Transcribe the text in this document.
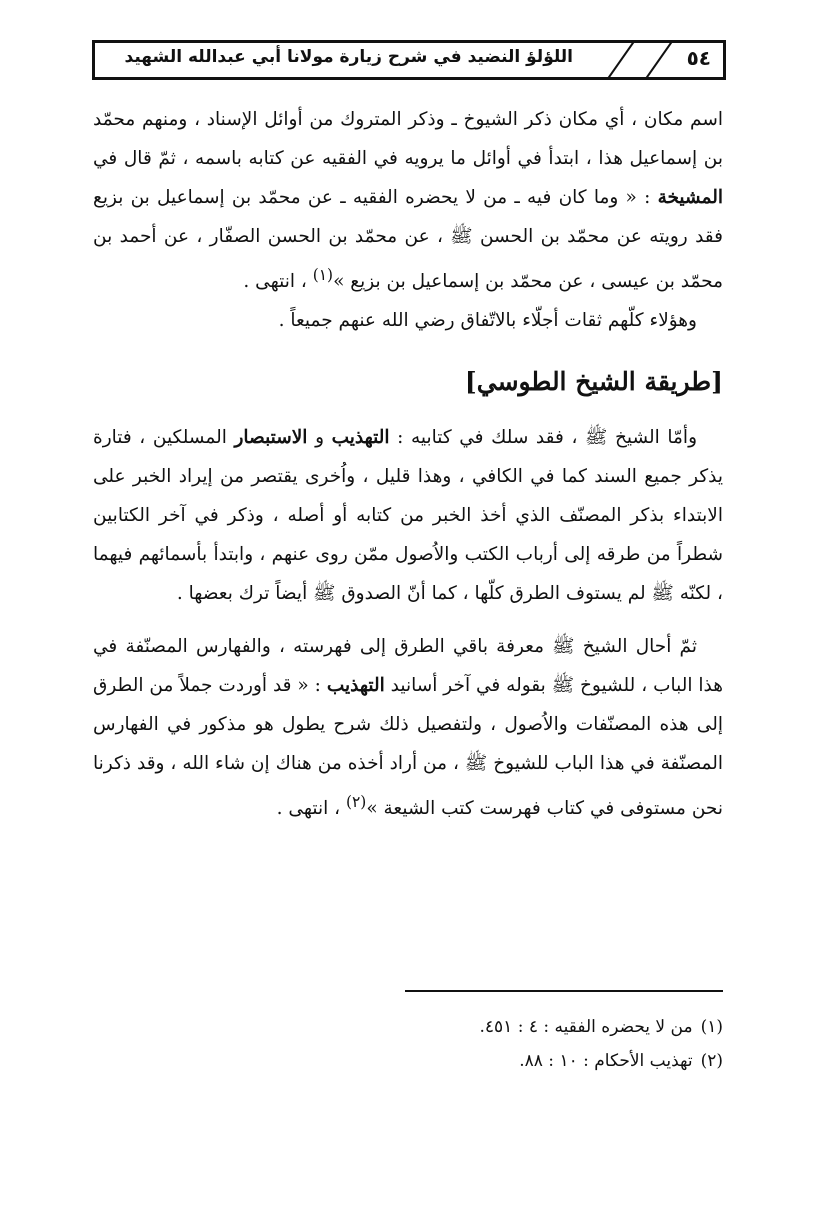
٥٤
اللؤلؤ النضيد في شرح زيارة مولانا أبي عبدالله الشهيد

اسم مكان ، أي مكان ذكر الشيوخ ـ وذكر المتروك من أوائل الإسناد ، ومنهم محمّد بن إسماعيل هذا ، ابتدأ في أوائل ما يرويه في الفقيه عن كتابه باسمه ، ثمّ قال في المشيخة : « وما كان فيه ـ من لا يحضره الفقيه ـ عن محمّد بن إسماعيل بن بزيع فقد رويته عن محمّد بن الحسن ﷺ ، عن محمّد بن الحسن الصفّار ، عن أحمد بن محمّد بن عيسى ، عن محمّد بن إسماعيل بن بزيع »$^{(١)}$ ، انتهى .

وهؤلاء كلّهم ثقات أجلّاء بالاتّفاق رضي الله عنهم جميعاً .

[طريقة الشيخ الطوسي]

وأمّا الشيخ ﷺ ، فقد سلك في كتابيه : التهذيب و الاستبصار المسلكين ، فتارة يذكر جميع السند كما في الكافي ، وهذا قليل ، واُخرى يقتصر من إيراد الخبر على الابتداء بذكر المصنّف الذي أخذ الخبر من كتابه أو أصله ، وذكر في آخر الكتابين شطراً من طرقه إلى أرباب الكتب والاُصول ممّن روى عنهم ، وابتدأ بأسمائهم فيهما ، لكنّه ﷺ لم يستوف الطرق كلّها ، كما أنّ الصدوق ﷺ أيضاً ترك بعضها .

ثمّ أحال الشيخ ﷺ معرفة باقي الطرق إلى فهرسته ، والفهارس المصنّفة في هذا الباب ، للشيوخ ﷺ بقوله في آخر أسانيد التهذيب : « قد أوردت جملاً من الطرق إلى هذه المصنّفات والاُصول ، ولتفصيل ذلك شرح يطول هو مذكور في الفهارس المصنّفة في هذا الباب للشيوخ ﷺ ، من أراد أخذه من هناك إن شاء الله ، وقد ذكرنا نحن مستوفى في كتاب فهرست كتب الشيعة »$^{(٢)}$ ، انتهى .

(١)من لا يحضره الفقيه : ٤ : ٤٥١.
(٢)تهذيب الأحكام : ١٠ : ٨٨.
